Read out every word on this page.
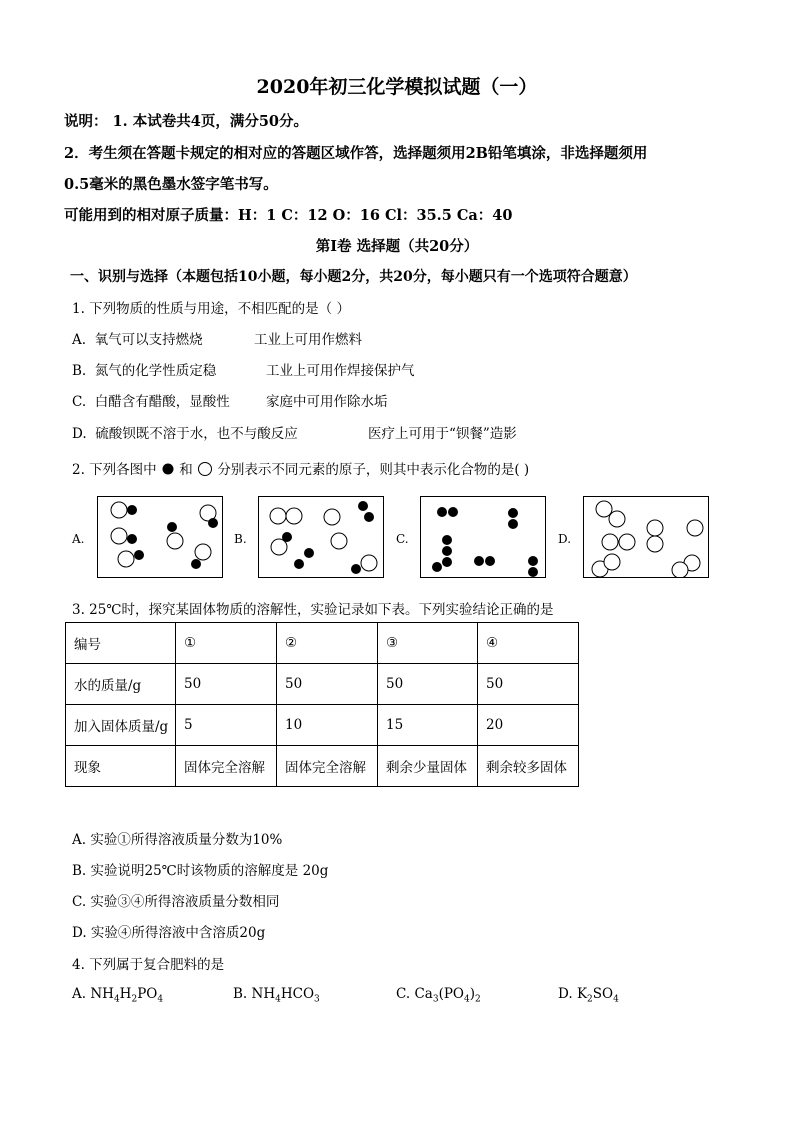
2020年初三化学模拟试题（一）
说明： 1. 本试卷共4页，满分50分。
2．考生须在答题卡规定的相对应的答题区域作答，选择题须用2B铅笔填涂，非选择题须用
0.5毫米的黑色墨水签字笔书写。
可能用到的相对原子质量：H：1 C：12 O：16 Cl：35.5 Ca：40
第Ⅰ卷 选择题（共20分）
一、识别与选择（本题包括10小题，每小题2分，共20分，每小题只有一个选项符合题意）
1. 下列物质的性质与用途，不相匹配的是（ ）
A. 氧气可以支持燃烧	工业上可用作燃料
B. 氮气的化学性质定稳	工业上可用作焊接保护气
C. 白醋含有醋酸，显酸性	家庭中可用作除水垢
D. 硫酸钡既不溶于水，也不与酸反应	医疗上可用于“钡餐”造影
2. 下列各图中 和 分别表示不同元素的原子，则其中表示化合物的是( )
A.	B.	C.	D.
3. 25℃时，探究某固体物质的溶解性，实验记录如下表。下列实验结论正确的是
编号	①	②	③	④
水的质量/g	50	50	50	50
加入固体质量/g	5	10	15	20
现象	固体完全溶解	固体完全溶解	剩余少量固体	剩余较多固体
A. 实验①所得溶液质量分数为10%
B. 实验说明25℃时该物质的溶解度是 20g
C. 实验③④所得溶液质量分数相同
D. 实验④所得溶液中含溶质20g
4. 下列属于复合肥料的是
A. $NH_4H_2PO_4$	B. $NH_4HCO_3$	C. $Ca_3(PO_4)_2$	D. $K_2SO_4$
